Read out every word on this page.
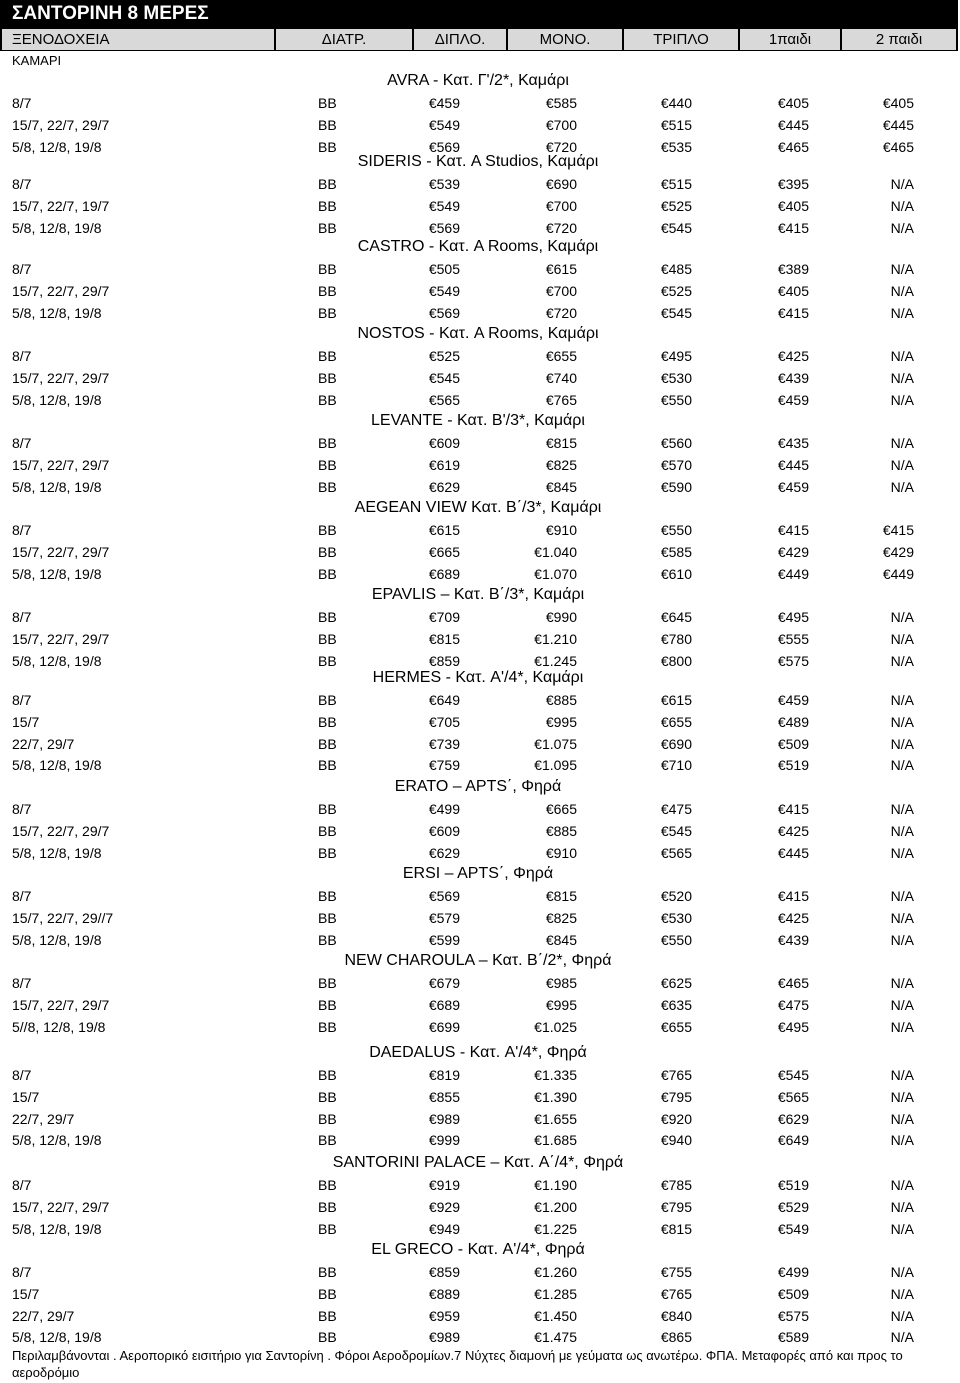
ΣΑΝΤΟΡΙΝΗ 8 ΜΕΡΕΣ
ΞΕΝΟΔΟΧΕΙΑ	ΔΙΑΤΡ.	ΔΙΠΛΟ.	ΜΟΝΟ.	ΤΡΙΠΛΟ	1παιδι	2 παιδι
ΚΑΜΑΡΙ
AVRA - Κατ. Γ'/2*, Καμάρι
8/7	BB	€459	€585	€440	€405	€405
15/7, 22/7, 29/7	BB	€549	€700	€515	€445	€445
5/8, 12/8, 19/8	BB	€569	€720	€535	€465	€465
SIDERIS - Κατ. A Studios, Καμάρι
8/7	BB	€539	€690	€515	€395	N/A
15/7, 22/7, 19/7	BB	€549	€700	€525	€405	N/A
5/8, 12/8, 19/8	BB	€569	€720	€545	€415	N/A
CASTRO - Κατ. A Rooms, Καμάρι
8/7	BB	€505	€615	€485	€389	N/A
15/7, 22/7, 29/7	BB	€549	€700	€525	€405	N/A
5/8, 12/8, 19/8	BB	€569	€720	€545	€415	N/A
NOSTOS - Κατ. A Rooms, Καμάρι
8/7	BB	€525	€655	€495	€425	N/A
15/7, 22/7, 29/7	BB	€545	€740	€530	€439	N/A
5/8, 12/8, 19/8	BB	€565	€765	€550	€459	N/A
LEVANTE - Κατ. B'/3*, Καμάρι
8/7	BB	€609	€815	€560	€435	N/A
15/7, 22/7, 29/7	BB	€619	€825	€570	€445	N/A
5/8, 12/8, 19/8	BB	€629	€845	€590	€459	N/A
AEGEAN VIEW Κατ. B΄/3*, Καμάρι
8/7	BB	€615	€910	€550	€415	€415
15/7, 22/7, 29/7	BB	€665	€1.040	€585	€429	€429
5/8, 12/8, 19/8	BB	€689	€1.070	€610	€449	€449
EPAVLIS – Κατ. B΄/3*, Καμάρι
8/7	BB	€709	€990	€645	€495	N/A
15/7, 22/7, 29/7	BB	€815	€1.210	€780	€555	N/A
5/8, 12/8, 19/8	BB	€859	€1.245	€800	€575	N/A
HERMES - Κατ. A'/4*, Καμάρι
8/7	BB	€649	€885	€615	€459	N/A
15/7	BB	€705	€995	€655	€489	N/A
22/7, 29/7	BB	€739	€1.075	€690	€509	N/A
5/8, 12/8, 19/8	BB	€759	€1.095	€710	€519	N/A
ERATO – APTS΄, Φηρά
8/7	BB	€499	€665	€475	€415	N/A
15/7, 22/7, 29/7	BB	€609	€885	€545	€425	N/A
5/8, 12/8, 19/8	BB	€629	€910	€565	€445	N/A
ERSI – APTS΄, Φηρά
8/7	BB	€569	€815	€520	€415	N/A
15/7, 22/7, 29//7	BB	€579	€825	€530	€425	N/A
5/8, 12/8, 19/8	BB	€599	€845	€550	€439	N/A
NEW CHAROULA – Κατ. B΄/2*, Φηρά
8/7	BB	€679	€985	€625	€465	N/A
15/7, 22/7, 29/7	BB	€689	€995	€635	€475	N/A
5//8, 12/8, 19/8	BB	€699	€1.025	€655	€495	N/A
DAEDALUS - Κατ. A'/4*, Φηρά
8/7	BB	€819	€1.335	€765	€545	N/A
15/7	BB	€855	€1.390	€795	€565	N/A
22/7, 29/7	BB	€989	€1.655	€920	€629	N/A
5/8, 12/8, 19/8	BB	€999	€1.685	€940	€649	N/A
SANTORINI PALACE – Κατ. A΄/4*, Φηρά
8/7	BB	€919	€1.190	€785	€519	N/A
15/7, 22/7, 29/7	BB	€929	€1.200	€795	€529	N/A
5/8, 12/8, 19/8	BB	€949	€1.225	€815	€549	N/A
EL GRECO - Κατ. A'/4*, Φηρά
8/7	BB	€859	€1.260	€755	€499	N/A
15/7	BB	€889	€1.285	€765	€509	N/A
22/7, 29/7	BB	€959	€1.450	€840	€575	N/A
5/8, 12/8, 19/8	BB	€989	€1.475	€865	€589	N/A
Περιλαμβάνονται . Αεροπορικό εισιτήριο για Σαντορίνη . Φόροι Αεροδρομίων.7 Νύχτες διαμονή με γεύματα ως ανωτέρω. ΦΠΑ. Μεταφορές από και προς το αεροδρόμιο
